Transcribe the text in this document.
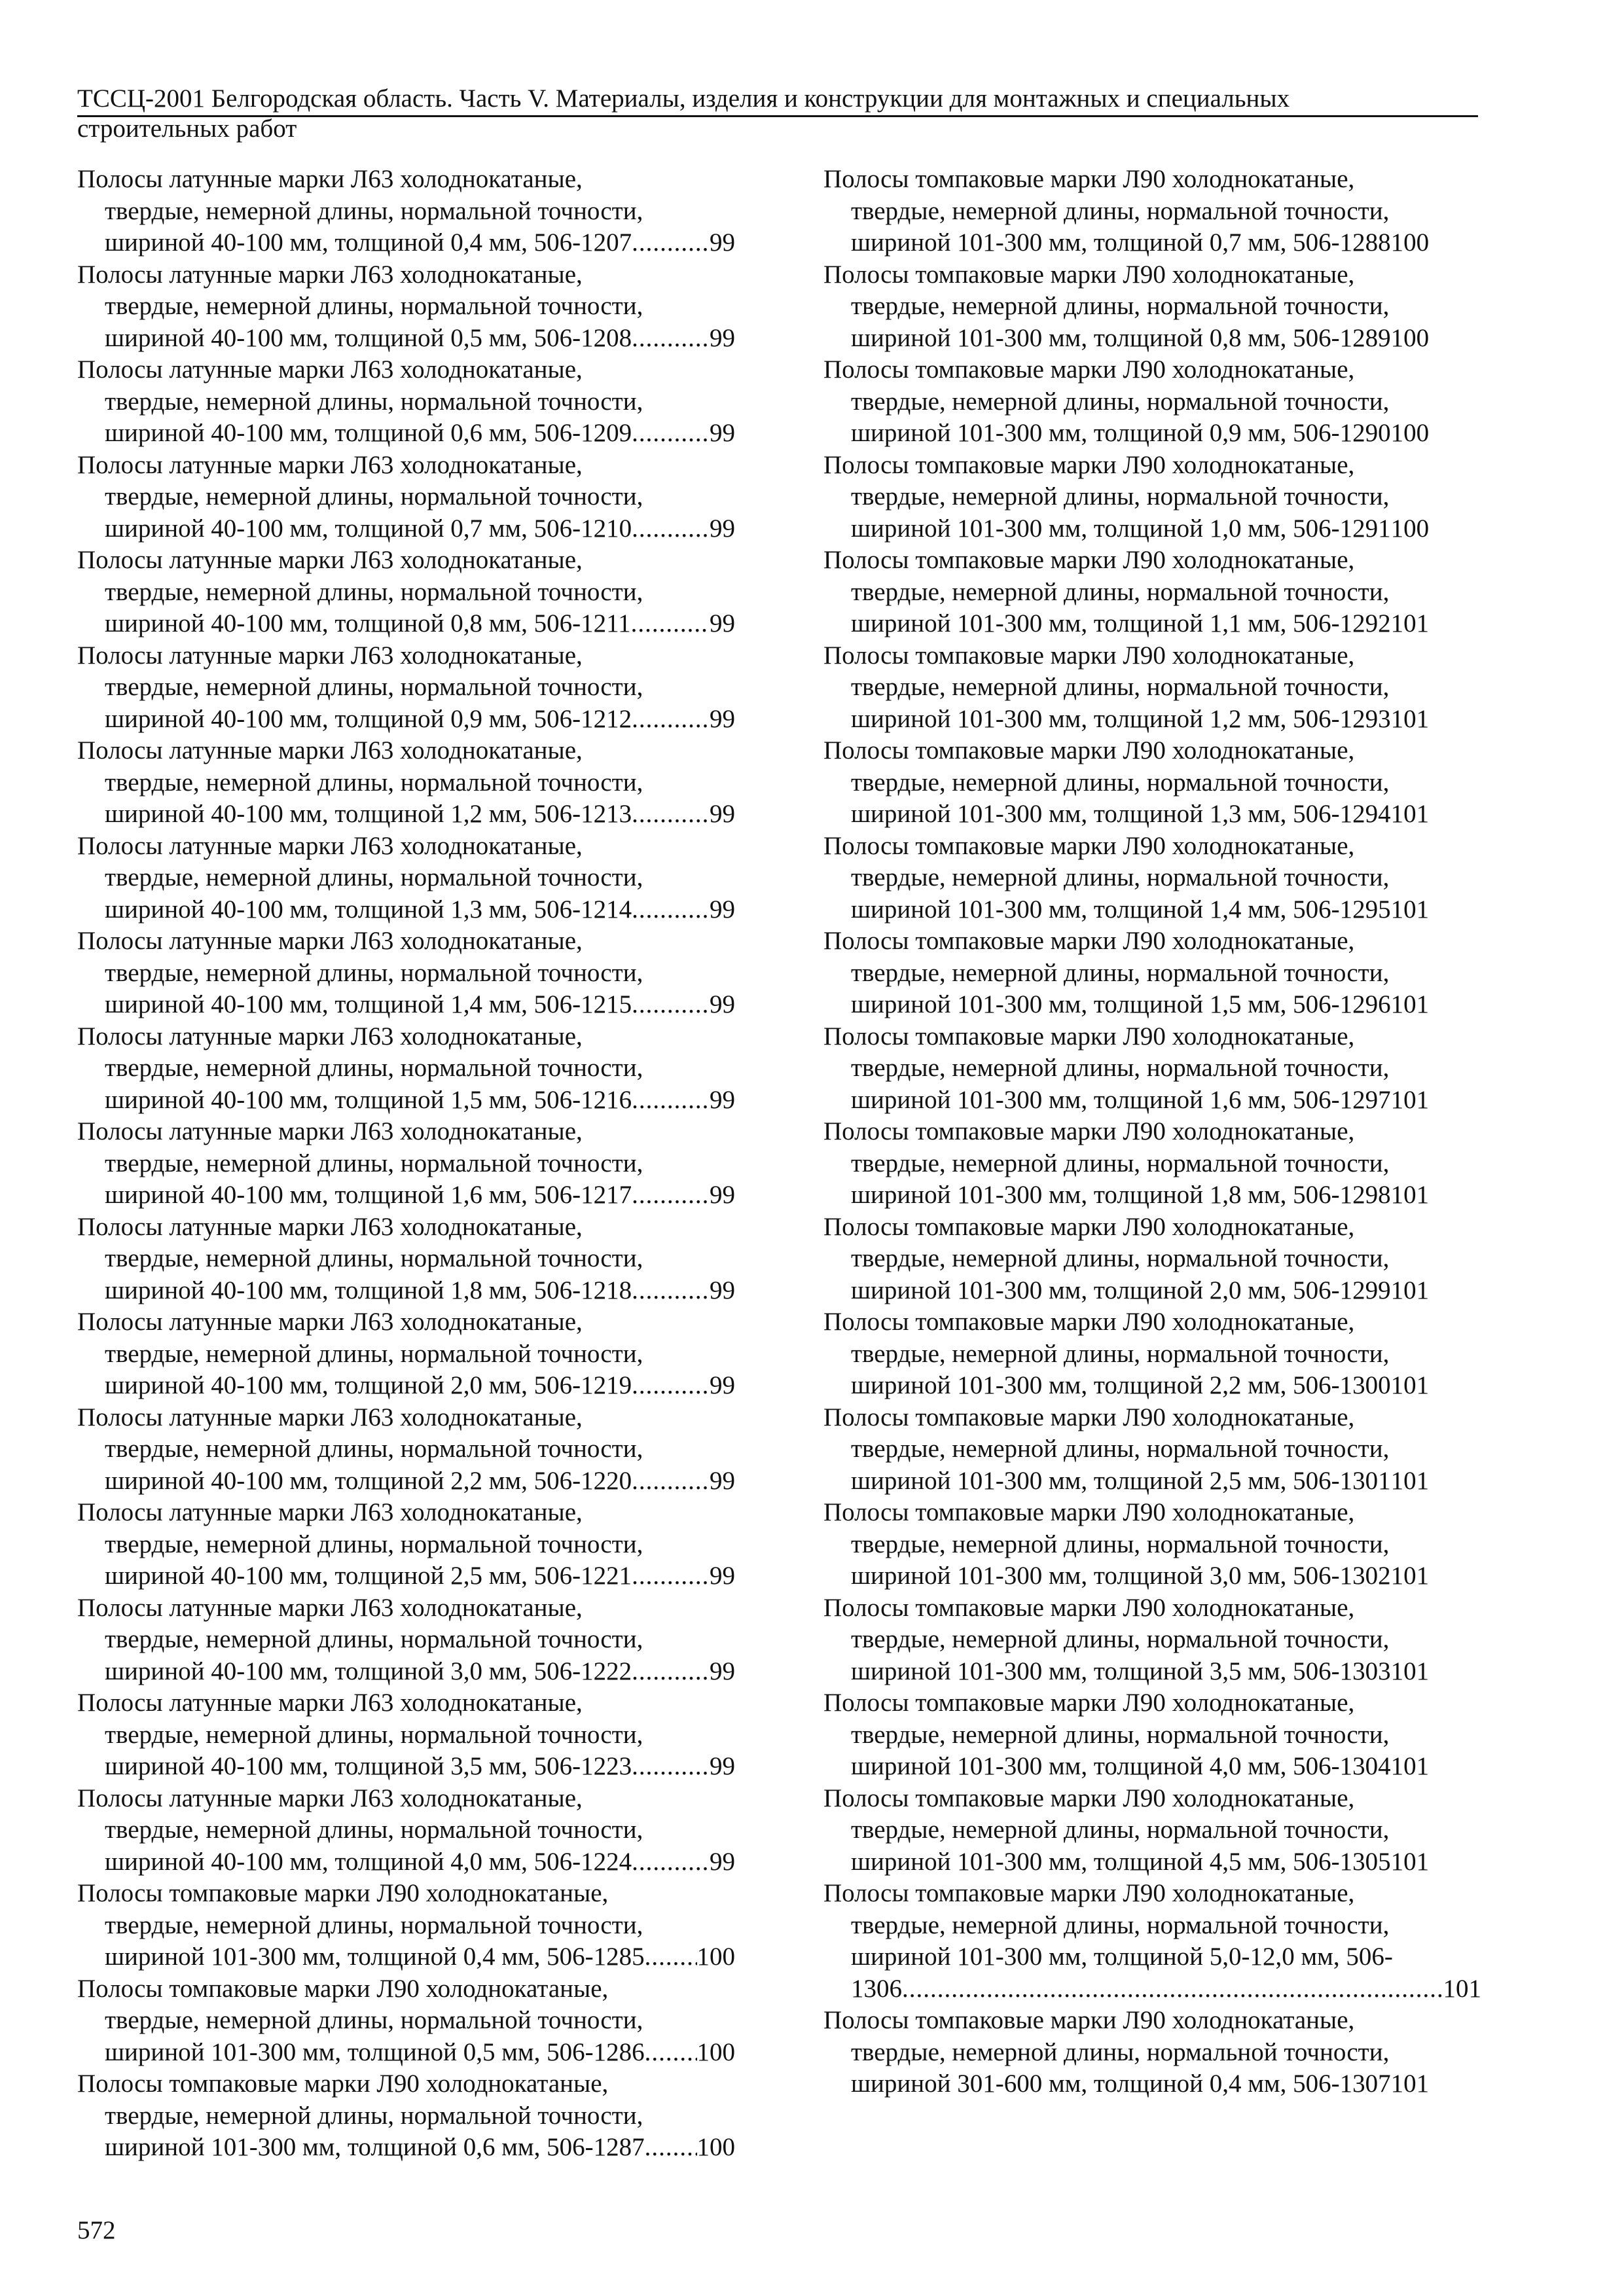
ТССЦ-2001 Белгородская область. Часть V. Материалы, изделия и конструкции для монтажных и специальных
строительных работ
Полосы латунные марки Л63 холоднокатаные,
твердые, немерной длины, нормальной точности,
шириной 40-100 мм, толщиной 0,4 мм, 506-1207 .....	99
Полосы латунные марки Л63 холоднокатаные,
твердые, немерной длины, нормальной точности,
шириной 40-100 мм, толщиной 0,5 мм, 506-1208 .....	99
Полосы латунные марки Л63 холоднокатаные,
твердые, немерной длины, нормальной точности,
шириной 40-100 мм, толщиной 0,6 мм, 506-1209 .....	99
Полосы латунные марки Л63 холоднокатаные,
твердые, немерной длины, нормальной точности,
шириной 40-100 мм, толщиной 0,7 мм, 506-1210 .....	99
Полосы латунные марки Л63 холоднокатаные,
твердые, немерной длины, нормальной точности,
шириной 40-100 мм, толщиной 0,8 мм, 506-1211 .....	99
Полосы латунные марки Л63 холоднокатаные,
твердые, немерной длины, нормальной точности,
шириной 40-100 мм, толщиной 0,9 мм, 506-1212 .....	99
Полосы латунные марки Л63 холоднокатаные,
твердые, немерной длины, нормальной точности,
шириной 40-100 мм, толщиной 1,2 мм, 506-1213 .....	99
Полосы латунные марки Л63 холоднокатаные,
твердые, немерной длины, нормальной точности,
шириной 40-100 мм, толщиной 1,3 мм, 506-1214 .....	99
Полосы латунные марки Л63 холоднокатаные,
твердые, немерной длины, нормальной точности,
шириной 40-100 мм, толщиной 1,4 мм, 506-1215 .....	99
Полосы латунные марки Л63 холоднокатаные,
твердые, немерной длины, нормальной точности,
шириной 40-100 мм, толщиной 1,5 мм, 506-1216 .....	99
Полосы латунные марки Л63 холоднокатаные,
твердые, немерной длины, нормальной точности,
шириной 40-100 мм, толщиной 1,6 мм, 506-1217 .....	99
Полосы латунные марки Л63 холоднокатаные,
твердые, немерной длины, нормальной точности,
шириной 40-100 мм, толщиной 1,8 мм, 506-1218 .....	99
Полосы латунные марки Л63 холоднокатаные,
твердые, немерной длины, нормальной точности,
шириной 40-100 мм, толщиной 2,0 мм, 506-1219 .....	99
Полосы латунные марки Л63 холоднокатаные,
твердые, немерной длины, нормальной точности,
шириной 40-100 мм, толщиной 2,2 мм, 506-1220 .....	99
Полосы латунные марки Л63 холоднокатаные,
твердые, немерной длины, нормальной точности,
шириной 40-100 мм, толщиной 2,5 мм, 506-1221 .....	99
Полосы латунные марки Л63 холоднокатаные,
твердые, немерной длины, нормальной точности,
шириной 40-100 мм, толщиной 3,0 мм, 506-1222 .....	99
Полосы латунные марки Л63 холоднокатаные,
твердые, немерной длины, нормальной точности,
шириной 40-100 мм, толщиной 3,5 мм, 506-1223 .....	99
Полосы латунные марки Л63 холоднокатаные,
твердые, немерной длины, нормальной точности,
шириной 40-100 мм, толщиной 4,0 мм, 506-1224 .....	99
Полосы томпаковые марки Л90 холоднокатаные,
твердые, немерной длины, нормальной точности,
шириной 101-300 мм, толщиной 0,4 мм, 506-1285 ..... 100
Полосы томпаковые марки Л90 холоднокатаные,
твердые, немерной длины, нормальной точности,
шириной 101-300 мм, толщиной 0,5 мм, 506-1286 ..... 100
Полосы томпаковые марки Л90 холоднокатаные,
твердые, немерной длины, нормальной точности,
шириной 101-300 мм, толщиной 0,6 мм, 506-1287 ..... 100
Полосы томпаковые марки Л90 холоднокатаные,
твердые, немерной длины, нормальной точности,
шириной 101-300 мм, толщиной 0,7 мм, 506-1288 100
Полосы томпаковые марки Л90 холоднокатаные,
твердые, немерной длины, нормальной точности,
шириной 101-300 мм, толщиной 0,8 мм, 506-1289 100
Полосы томпаковые марки Л90 холоднокатаные,
твердые, немерной длины, нормальной точности,
шириной 101-300 мм, толщиной 0,9 мм, 506-1290 100
Полосы томпаковые марки Л90 холоднокатаные,
твердые, немерной длины, нормальной точности,
шириной 101-300 мм, толщиной 1,0 мм, 506-1291 100
Полосы томпаковые марки Л90 холоднокатаные,
твердые, немерной длины, нормальной точности,
шириной 101-300 мм, толщиной 1,1 мм, 506-1292 101
Полосы томпаковые марки Л90 холоднокатаные,
твердые, немерной длины, нормальной точности,
шириной 101-300 мм, толщиной 1,2 мм, 506-1293 101
Полосы томпаковые марки Л90 холоднокатаные,
твердые, немерной длины, нормальной точности,
шириной 101-300 мм, толщиной 1,3 мм, 506-1294 101
Полосы томпаковые марки Л90 холоднокатаные,
твердые, немерной длины, нормальной точности,
шириной 101-300 мм, толщиной 1,4 мм, 506-1295 101
Полосы томпаковые марки Л90 холоднокатаные,
твердые, немерной длины, нормальной точности,
шириной 101-300 мм, толщиной 1,5 мм, 506-1296 101
Полосы томпаковые марки Л90 холоднокатаные,
твердые, немерной длины, нормальной точности,
шириной 101-300 мм, толщиной 1,6 мм, 506-1297 101
Полосы томпаковые марки Л90 холоднокатаные,
твердые, немерной длины, нормальной точности,
шириной 101-300 мм, толщиной 1,8 мм, 506-1298 101
Полосы томпаковые марки Л90 холоднокатаные,
твердые, немерной длины, нормальной точности,
шириной 101-300 мм, толщиной 2,0 мм, 506-1299 101
Полосы томпаковые марки Л90 холоднокатаные,
твердые, немерной длины, нормальной точности,
шириной 101-300 мм, толщиной 2,2 мм, 506-1300 101
Полосы томпаковые марки Л90 холоднокатаные,
твердые, немерной длины, нормальной точности,
шириной 101-300 мм, толщиной 2,5 мм, 506-1301 101
Полосы томпаковые марки Л90 холоднокатаные,
твердые, немерной длины, нормальной точности,
шириной 101-300 мм, толщиной 3,0 мм, 506-1302 101
Полосы томпаковые марки Л90 холоднокатаные,
твердые, немерной длины, нормальной точности,
шириной 101-300 мм, толщиной 3,5 мм, 506-1303 101
Полосы томпаковые марки Л90 холоднокатаные,
твердые, немерной длины, нормальной точности,
шириной 101-300 мм, толщиной 4,0 мм, 506-1304 101
Полосы томпаковые марки Л90 холоднокатаные,
твердые, немерной длины, нормальной точности,
шириной 101-300 мм, толщиной 4,5 мм, 506-1305 101
Полосы томпаковые марки Л90 холоднокатаные,
твердые, немерной длины, нормальной точности,
шириной 101-300 мм, толщиной 5,0-12,0 мм, 506-
1306 .....	101
Полосы томпаковые марки Л90 холоднокатаные,
твердые, немерной длины, нормальной точности,
шириной 301-600 мм, толщиной 0,4 мм, 506-1307 101
572
